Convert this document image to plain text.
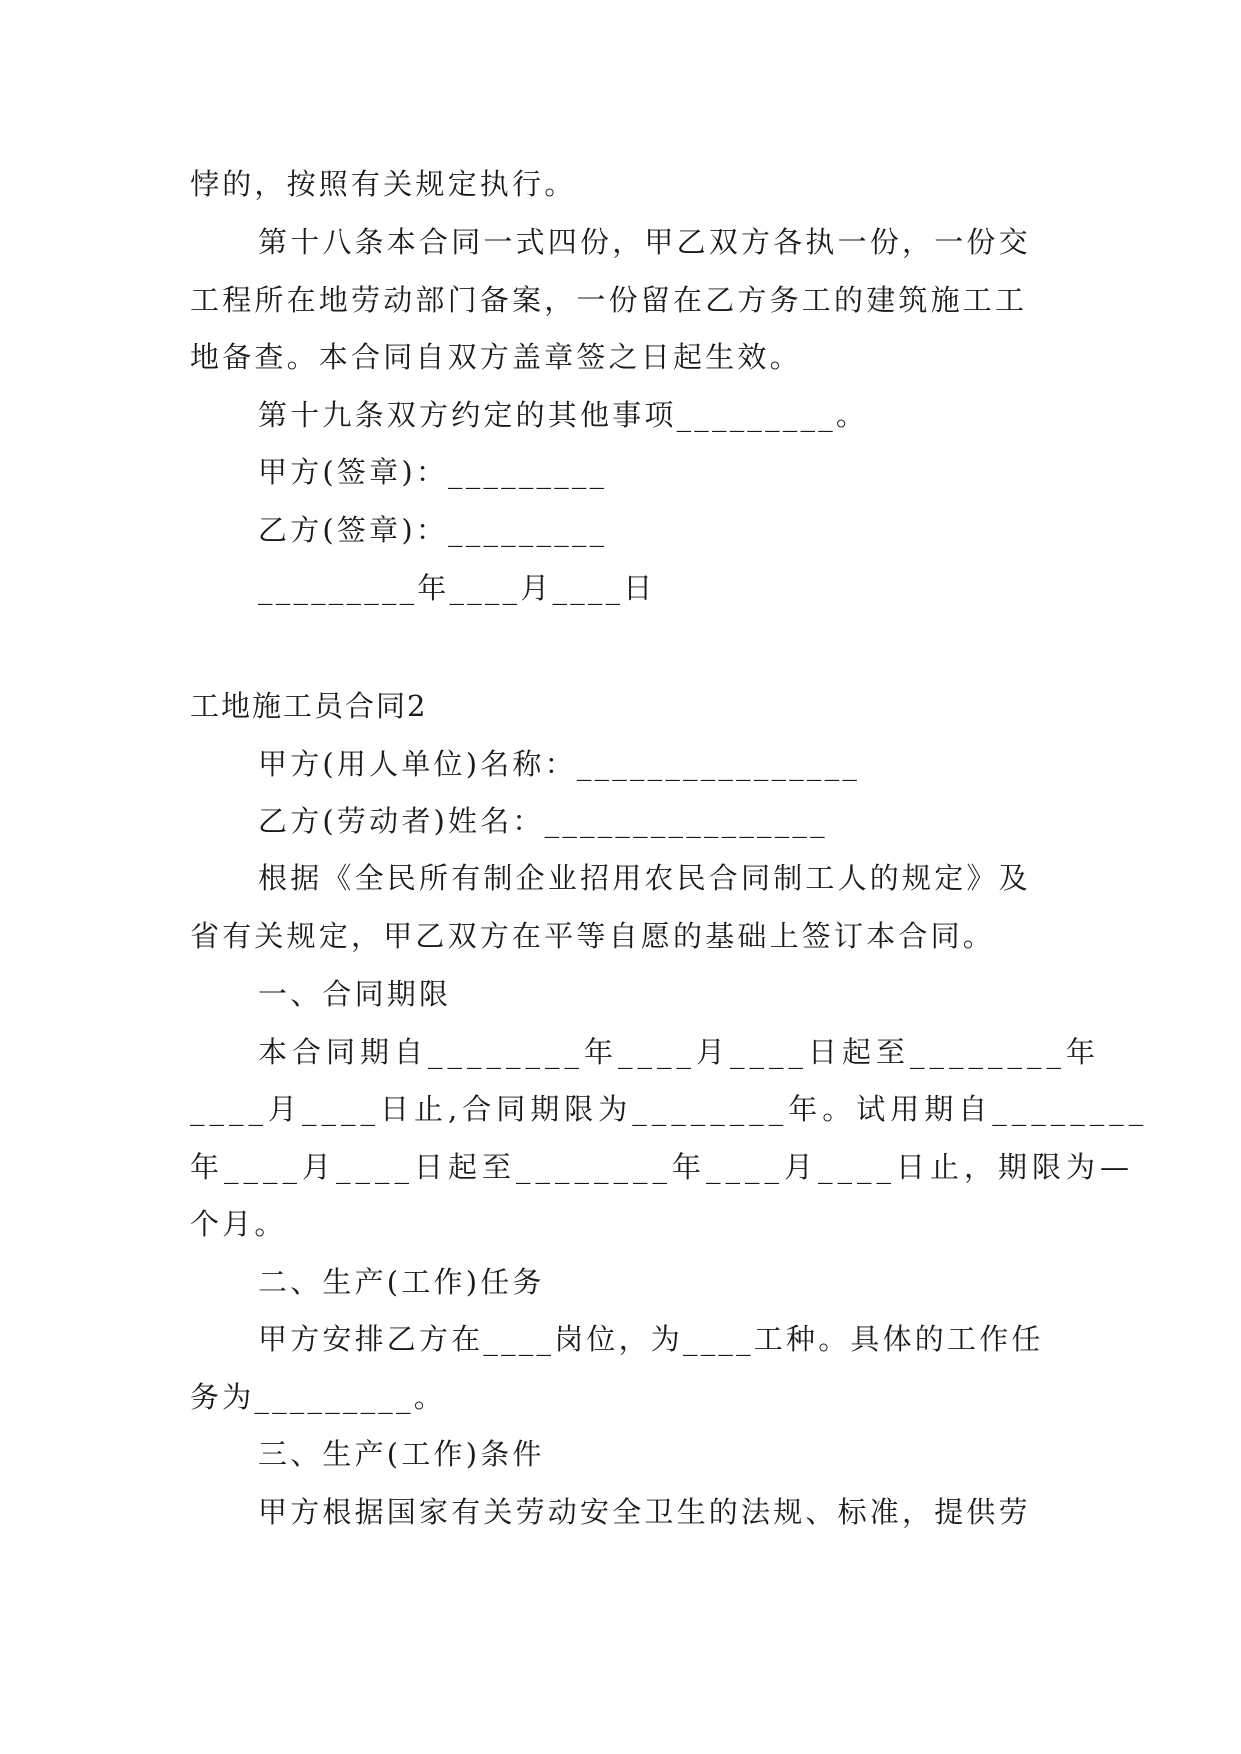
悖的，按照有关规定执行。
第十八条本合同一式四份，甲乙双方各执一份，一份交
工程所在地劳动部门备案，一份留在乙方务工的建筑施工工
地备查。本合同自双方盖章签之日起生效。
第十九条双方约定的其他事项_________。
甲方(签章)：_________
乙方(签章)：_________
_________年____月____日
工地施工员合同2
甲方(用人单位)名称：________________
乙方(劳动者)姓名：________________
根据《全民所有制企业招用农民合同制工人的规定》及
省有关规定，甲乙双方在平等自愿的基础上签订本合同。
一、合同期限
本合同期自________年____月____日起至________年
____月____日止,合同期限为________年。试用期自________
年____月____日起至________年____月____日止，期限为—
个月。
二、生产(工作)任务
甲方安排乙方在____岗位，为____工种。具体的工作任
务为_________。
三、生产(工作)条件
甲方根据国家有关劳动安全卫生的法规、标准，提供劳
